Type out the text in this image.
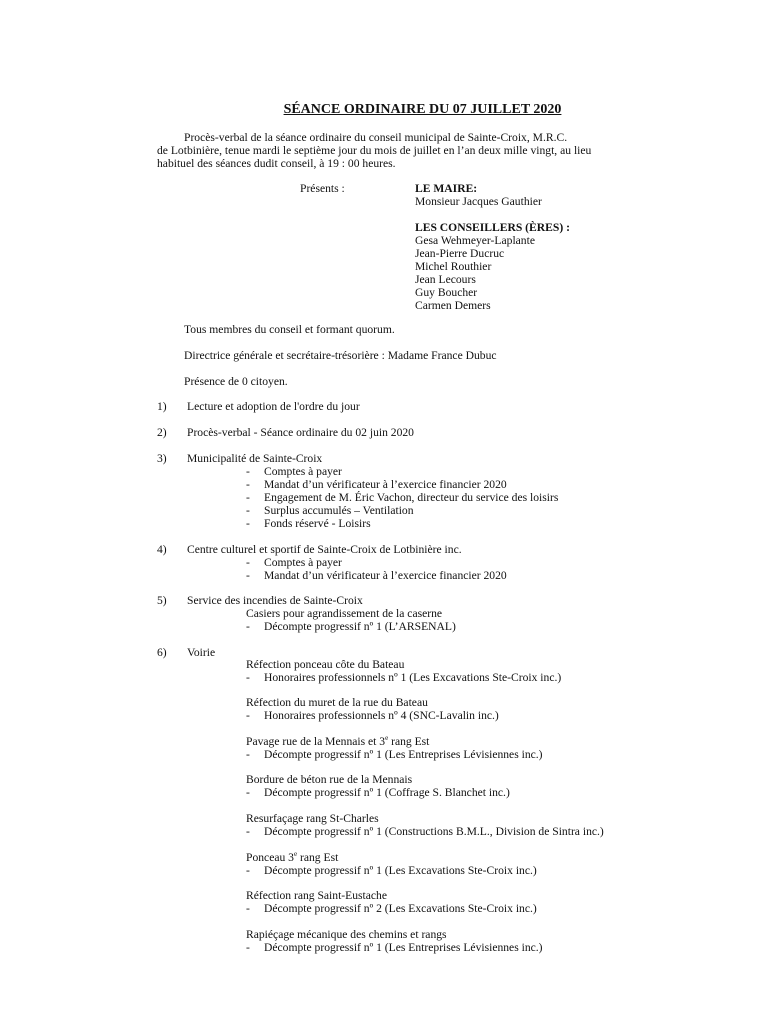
SÉANCE ORDINAIRE DU 07 JUILLET 2020
Procès-verbal de la séance ordinaire du conseil municipal de Sainte-Croix, M.R.C.
de Lotbinière, tenue mardi le septième jour du mois de juillet en l’an deux mille vingt, au lieu
habituel des séances dudit conseil, à 19 : 00 heures.
Présents :	LE MAIRE:
Monsieur Jacques Gauthier
LES CONSEILLERS (ÈRES) :
Gesa Wehmeyer-Laplante
Jean-Pierre Ducruc
Michel Routhier
Jean Lecours
Guy Boucher
Carmen Demers
Tous membres du conseil et formant quorum.
Directrice générale et secrétaire-trésorière : Madame France Dubuc
Présence de 0 citoyen.
1) Lecture et adoption de l'ordre du jour
2) Procès-verbal - Séance ordinaire du 02 juin 2020
3) Municipalité de Sainte-Croix
- Comptes à payer
- Mandat d’un vérificateur à l’exercice financier 2020
- Engagement de M. Éric Vachon, directeur du service des loisirs
- Surplus accumulés – Ventilation
- Fonds réservé - Loisirs
4) Centre culturel et sportif de Sainte-Croix de Lotbinière inc.
- Comptes à payer
- Mandat d’un vérificateur à l’exercice financier 2020
5) Service des incendies de Sainte-Croix
Casiers pour agrandissement de la caserne
- Décompte progressif nº 1 (L’ARSENAL)
6) Voirie
Réfection ponceau côte du Bateau
- Honoraires professionnels nº 1 (Les Excavations Ste-Croix inc.)
Réfection du muret de la rue du Bateau
- Honoraires professionnels nº 4 (SNC-Lavalin inc.)
Pavage rue de la Mennais et 3e rang Est
- Décompte progressif nº 1 (Les Entreprises Lévisiennes inc.)
Bordure de béton rue de la Mennais
- Décompte progressif nº 1 (Coffrage S. Blanchet inc.)
Resurfaçage rang St-Charles
- Décompte progressif nº 1 (Constructions B.M.L., Division de Sintra inc.)
Ponceau 3e rang Est
- Décompte progressif nº 1 (Les Excavations Ste-Croix inc.)
Réfection rang Saint-Eustache
- Décompte progressif nº 2 (Les Excavations Ste-Croix inc.)
Rapiéçage mécanique des chemins et rangs
- Décompte progressif nº 1 (Les Entreprises Lévisiennes inc.)
